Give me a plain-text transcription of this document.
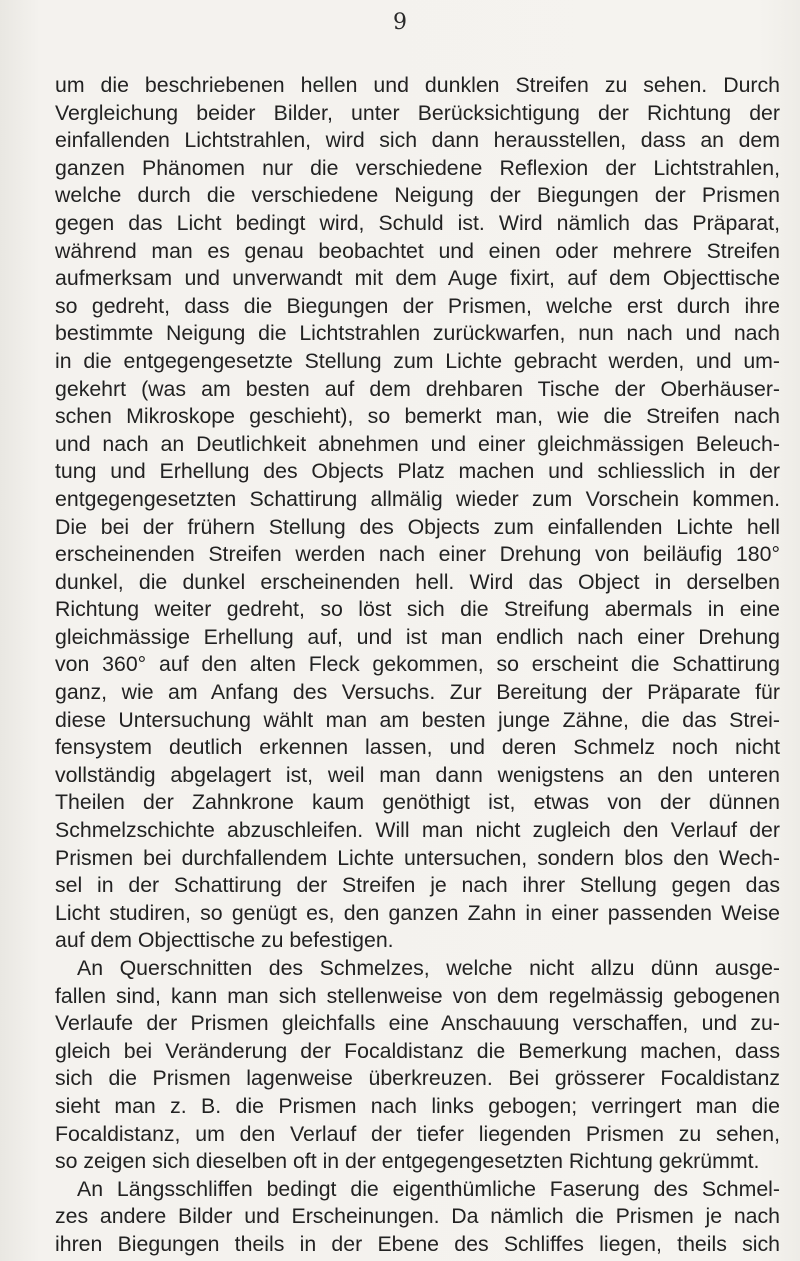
9
um die beschriebenen hellen und dunklen Streifen zu sehen. Durch
Vergleichung beider Bilder, unter Berücksichtigung der Richtung der
einfallenden Lichtstrahlen, wird sich dann herausstellen, dass an dem
ganzen Phänomen nur die verschiedene Reflexion der Lichtstrahlen,
welche durch die verschiedene Neigung der Biegungen der Prismen
gegen das Licht bedingt wird, Schuld ist. Wird nämlich das Präparat,
während man es genau beobachtet und einen oder mehrere Streifen
aufmerksam und unverwandt mit dem Auge fixirt, auf dem Objecttische
so gedreht, dass die Biegungen der Prismen, welche erst durch ihre
bestimmte Neigung die Lichtstrahlen zurückwarfen, nun nach und nach
in die entgegengesetzte Stellung zum Lichte gebracht werden, und um-
gekehrt (was am besten auf dem drehbaren Tische der Oberhäuser-
schen Mikroskope geschieht), so bemerkt man, wie die Streifen nach
und nach an Deutlichkeit abnehmen und einer gleichmässigen Beleuch-
tung und Erhellung des Objects Platz machen und schliesslich in der
entgegengesetzten Schattirung allmälig wieder zum Vorschein kommen.
Die bei der frühern Stellung des Objects zum einfallenden Lichte hell
erscheinenden Streifen werden nach einer Drehung von beiläufig 180°
dunkel, die dunkel erscheinenden hell. Wird das Object in derselben
Richtung weiter gedreht, so löst sich die Streifung abermals in eine
gleichmässige Erhellung auf, und ist man endlich nach einer Drehung
von 360° auf den alten Fleck gekommen, so erscheint die Schattirung
ganz, wie am Anfang des Versuchs. Zur Bereitung der Präparate für
diese Untersuchung wählt man am besten junge Zähne, die das Strei-
fensystem deutlich erkennen lassen, und deren Schmelz noch nicht
vollständig abgelagert ist, weil man dann wenigstens an den unteren
Theilen der Zahnkrone kaum genöthigt ist, etwas von der dünnen
Schmelzschichte abzuschleifen. Will man nicht zugleich den Verlauf der
Prismen bei durchfallendem Lichte untersuchen, sondern blos den Wech-
sel in der Schattirung der Streifen je nach ihrer Stellung gegen das
Licht studiren, so genügt es, den ganzen Zahn in einer passenden Weise
auf dem Objecttische zu befestigen.
An Querschnitten des Schmelzes, welche nicht allzu dünn ausge-
fallen sind, kann man sich stellenweise von dem regelmässig gebogenen
Verlaufe der Prismen gleichfalls eine Anschauung verschaffen, und zu-
gleich bei Veränderung der Focaldistanz die Bemerkung machen, dass
sich die Prismen lagenweise überkreuzen. Bei grösserer Focaldistanz
sieht man z. B. die Prismen nach links gebogen; verringert man die
Focaldistanz, um den Verlauf der tiefer liegenden Prismen zu sehen,
so zeigen sich dieselben oft in der entgegengesetzten Richtung gekrümmt.
An Längsschliffen bedingt die eigenthümliche Faserung des Schmel-
zes andere Bilder und Erscheinungen. Da nämlich die Prismen je nach
ihren Biegungen theils in der Ebene des Schliffes liegen, theils sich
